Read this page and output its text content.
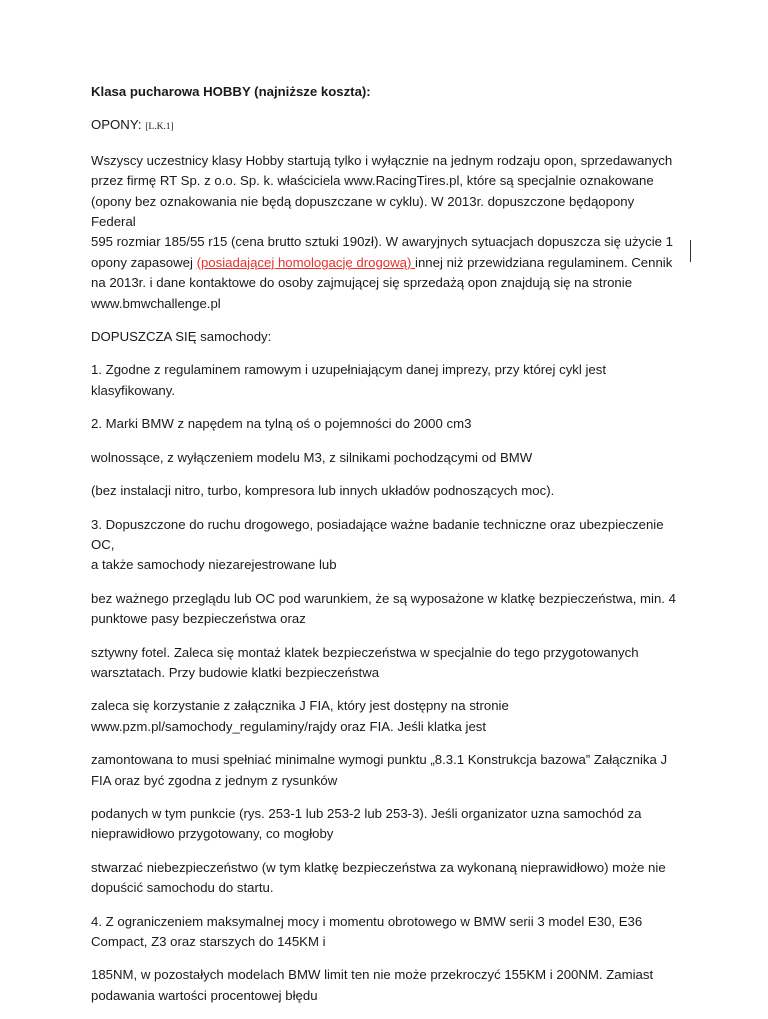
Klasa pucharowa HOBBY (najniższe koszta):

OPONY: [L.K.1]

Wszyscy uczestnicy klasy Hobby startują tylko i wyłącznie na jednym rodzaju opon, sprzedawanych
przez firmę RT Sp. z o.o. Sp. k. właściciela www.RacingTires.pl, które są specjalnie oznakowane
(opony bez oznakowania nie będą dopuszczane w cyklu). W 2013r. dopuszczone będąopony Federal
595 rozmiar 185/55 r15 (cena brutto sztuki 190zł). W awaryjnych sytuacjach dopuszcza się użycie 1
opony zapasowej (posiadającej homologację drogową) innej niż przewidziana regulaminem. Cennik
na 2013r. i dane kontaktowe do osoby zajmującej się sprzedażą opon znajdują się na stronie
www.bmwchallenge.pl

DOPUSZCZA SIĘ samochody:

1. Zgodne z regulaminem ramowym i uzupełniającym danej imprezy, przy której cykl jest
klasyfikowany.

2. Marki BMW z napędem na tylną oś o pojemności do 2000 cm3

wolnossące, z wyłączeniem modelu M3, z silnikami pochodzącymi od BMW

(bez instalacji nitro, turbo, kompresora lub innych układów podnoszących moc).

3. Dopuszczone do ruchu drogowego, posiadające ważne badanie techniczne oraz ubezpieczenie OC,
a także samochody niezarejestrowane lub

bez ważnego przeglądu lub OC pod warunkiem, że są wyposażone w klatkę bezpieczeństwa, min. 4
punktowe pasy bezpieczeństwa oraz

sztywny fotel. Zaleca się montaż klatek bezpieczeństwa w specjalnie do tego przygotowanych
warsztatach. Przy budowie klatki bezpieczeństwa

zaleca się korzystanie z załącznika J FIA, który jest dostępny na stronie
www.pzm.pl/samochody_regulaminy/rajdy oraz FIA. Jeśli klatka jest

zamontowana to musi spełniać minimalne wymogi punktu „8.3.1 Konstrukcja bazowa” Załącznika J
FIA oraz być zgodna z jednym z rysunków

podanych w tym punkcie (rys. 253-1 lub 253-2 lub 253-3). Jeśli organizator uzna samochód za
nieprawidłowo przygotowany, co mogłoby

stwarzać niebezpieczeństwo (w tym klatkę bezpieczeństwa za wykonaną nieprawidłowo) może nie
dopuścić samochodu do startu.

4. Z ograniczeniem maksymalnej mocy i momentu obrotowego w BMW serii 3 model E30, E36
Compact, Z3 oraz starszych do 145KM i

185NM, w pozostałych modelach BMW limit ten nie może przekroczyć 155KM i 200NM. Zamiast
podawania wartości procentowej błędu
